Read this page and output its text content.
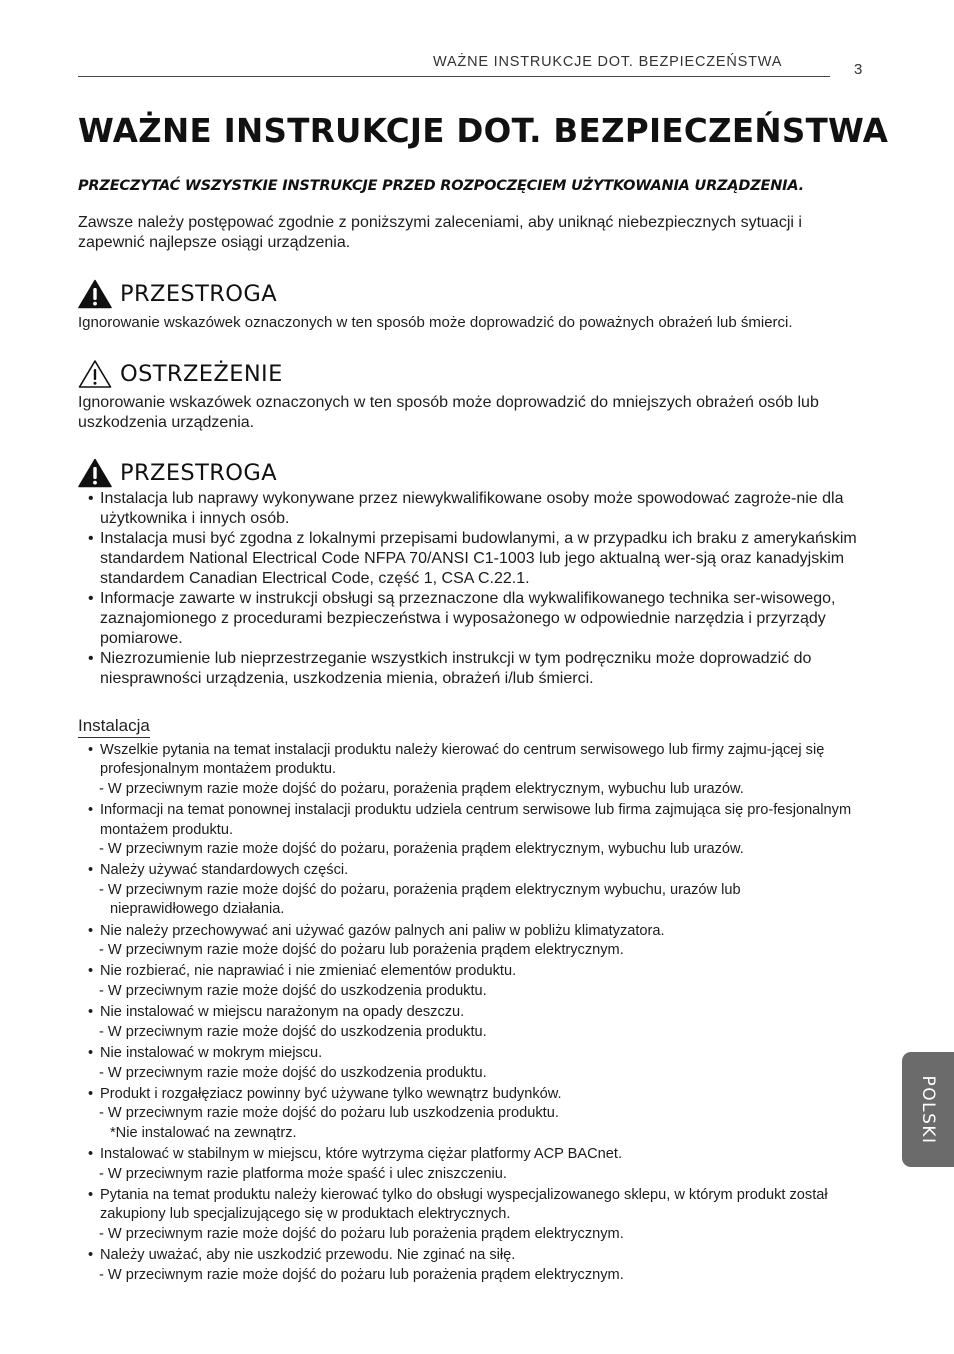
WAŻNE INSTRUKCJE DOT. BEZPIECZEŃSTWA	3
WAŻNE INSTRUKCJE DOT. BEZPIECZEŃSTWA

PRZECZYTAĆ WSZYSTKIE INSTRUKCJE PRZED ROZPOCZĘCIEM UŻYTKOWANIA URZĄDZENIA.

Zawsze należy postępować zgodnie z poniższymi zaleceniami, aby uniknąć niebezpiecznych sytuacji i zapewnić najlepsze osiągi urządzenia.

PRZESTROGA

Ignorowanie wskazówek oznaczonych w ten sposób może doprowadzić do poważnych obrażeń lub śmierci.

OSTRZEŻENIE

Ignorowanie wskazówek oznaczonych w ten sposób może doprowadzić do mniejszych obrażeń osób lub uszkodzenia urządzenia.

PRZESTROGA
• Instalacja lub naprawy wykonywane przez niewykwalifikowane osoby może spowodować zagroże-nie dla użytkownika i innych osób.
• Instalacja musi być zgodna z lokalnymi przepisami budowlanymi, a w przypadku ich braku z amerykańskim standardem National Electrical Code NFPA 70/ANSI C1-1003 lub jego aktualną wer-sją oraz kanadyjskim standardem Canadian Electrical Code, część 1, CSA C.22.1.
• Informacje zawarte w instrukcji obsługi są przeznaczone dla wykwalifikowanego technika ser-wisowego, zaznajomionego z procedurami bezpieczeństwa i wyposażonego w odpowiednie narzędzia i przyrządy pomiarowe.
• Niezrozumienie lub nieprzestrzeganie wszystkich instrukcji w tym podręczniku może doprowadzić do niesprawności urządzenia, uszkodzenia mienia, obrażeń i/lub śmierci.
Instalacja
• Wszelkie pytania na temat instalacji produktu należy kierować do centrum serwisowego lub firmy zajmu-jącej się profesjonalnym montażem produktu.
- W przeciwnym razie może dojść do pożaru, porażenia prądem elektrycznym, wybuchu lub urazów.
• Informacji na temat ponownej instalacji produktu udziela centrum serwisowe lub firma zajmująca się pro-fesjonalnym montażem produktu.
- W przeciwnym razie może dojść do pożaru, porażenia prądem elektrycznym, wybuchu lub urazów.
• Należy używać standardowych części.
- W przeciwnym razie może dojść do pożaru, porażenia prądem elektrycznym wybuchu, urazów lub
nieprawidłowego działania.
• Nie należy przechowywać ani używać gazów palnych ani paliw w pobliżu klimatyzatora.
- W przeciwnym razie może dojść do pożaru lub porażenia prądem elektrycznym.
• Nie rozbierać, nie naprawiać i nie zmieniać elementów produktu.
- W przeciwnym razie może dojść do uszkodzenia produktu.
• Nie instalować w miejscu narażonym na opady deszczu.
- W przeciwnym razie może dojść do uszkodzenia produktu.
• Nie instalować w mokrym miejscu.
- W przeciwnym razie może dojść do uszkodzenia produktu.
• Produkt i rozgałęziacz powinny być używane tylko wewnątrz budynków.
- W przeciwnym razie może dojść do pożaru lub uszkodzenia produktu.
*Nie instalować na zewnątrz.
• Instalować w stabilnym w miejscu, które wytrzyma ciężar platformy ACP BACnet.
- W przeciwnym razie platforma może spaść i ulec zniszczeniu.
• Pytania na temat produktu należy kierować tylko do obsługi wyspecjalizowanego sklepu, w którym produkt został zakupiony lub specjalizującego się w produktach elektrycznych.
- W przeciwnym razie może dojść do pożaru lub porażenia prądem elektrycznym.
• Należy uważać, aby nie uszkodzić przewodu. Nie zginać na siłę.
- W przeciwnym razie może dojść do pożaru lub porażenia prądem elektrycznym.
POLSKI
